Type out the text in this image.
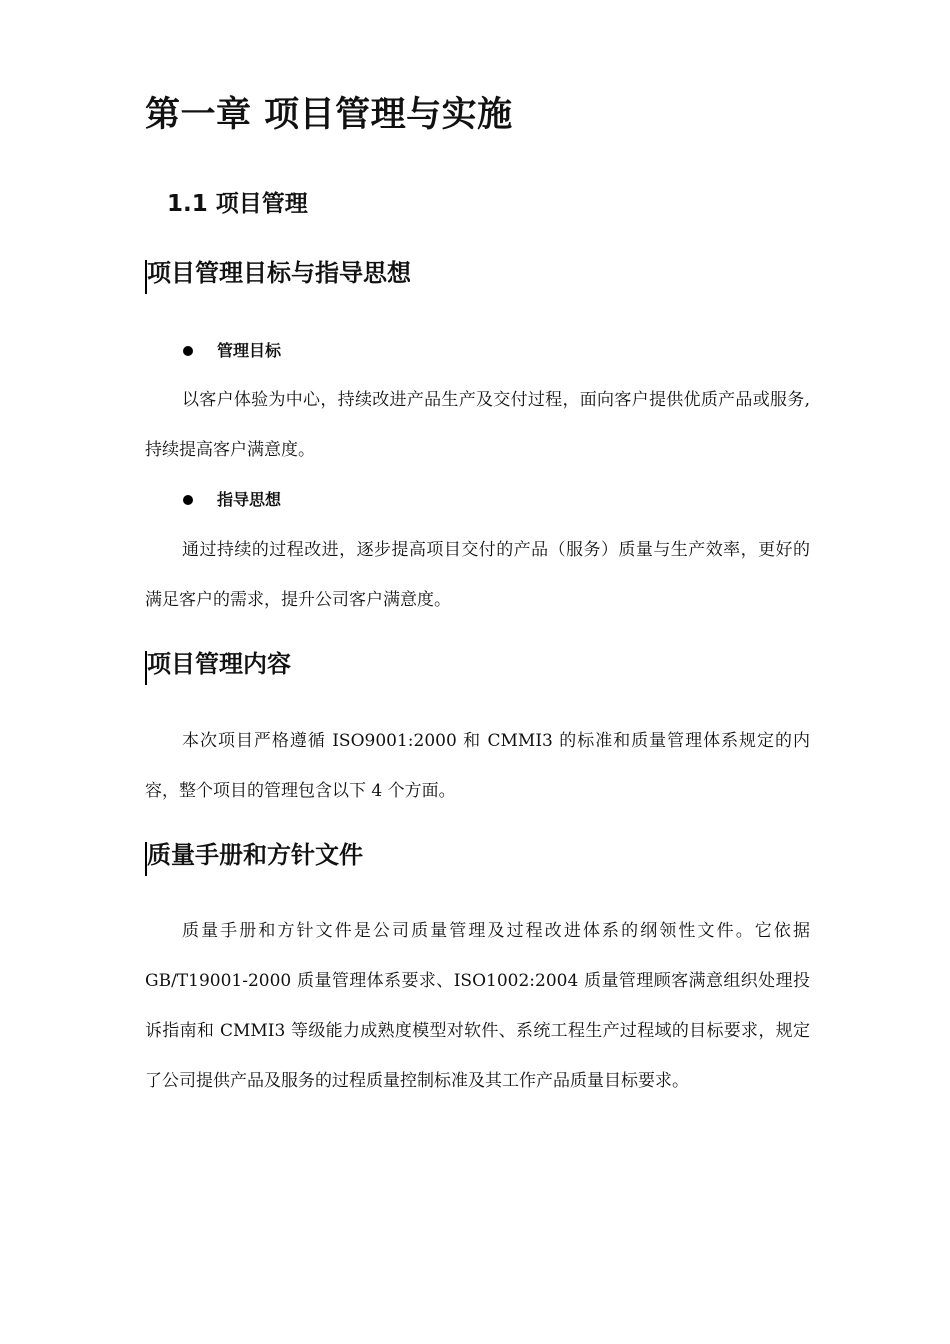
第一章 项目管理与实施
1.1 项目管理
项目管理目标与指导思想
管理目标

以客户体验为中心，持续改进产品生产及交付过程，面向客户提供优质产品或服务,持续提高客户满意度。

指导思想

通过持续的过程改进，逐步提高项目交付的产品（服务）质量与生产效率，更好的满足客户的需求，提升公司客户满意度。

项目管理内容

本次项目严格遵循 ISO9001:2000 和 CMMI3 的标准和质量管理体系规定的内容，整个项目的管理包含以下 4 个方面。

质量手册和方针文件

质量手册和方针文件是公司质量管理及过程改进体系的纲领性文件。它依据 GB/T19001-2000 质量管理体系要求、ISO1002:2004 质量管理顾客满意组织处理投诉指南和 CMMI3 等级能力成熟度模型对软件、系统工程生产过程域的目标要求，规定了公司提供产品及服务的过程质量控制标准及其工作产品质量目标要求。
